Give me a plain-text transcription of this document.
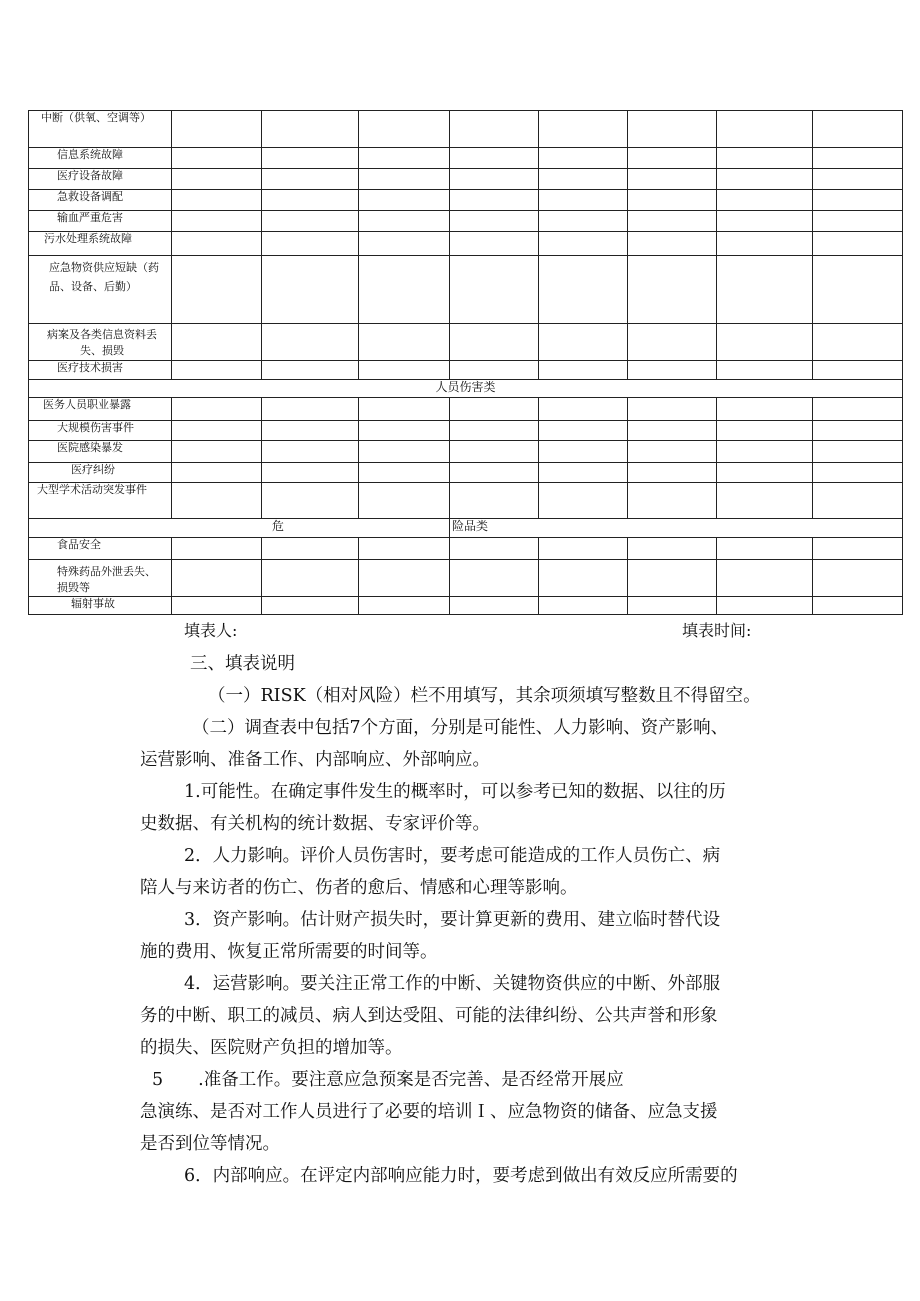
中断（供氧、空调等）								
信息系统故障								
医疗设备故障								
急救设备调配								
输血严重危害								
污水处理系统故障								
应急物资供应短缺（药品、设备、后勤）								
病案及各类信息资料丢失、损毁								
医疗技术损害								
人员伤害类								
医务人员职业暴露								
大规模伤害事件								
医院感染暴发								
医疗纠纷								
大型学术活动突发事件								
危				险品类				
食品安全								
特殊药品外泄丢失、损毁等								
辐射事故								
填表人:	填表时间:

三、填表说明

（一）RISK（相对风险）栏不用填写，其余项须填写整数且不得留空。

（二）调查表中包括7个方面，分别是可能性、人力影响、资产影响、

运营影响、准备工作、内部响应、外部响应。

1.可能性。在确定事件发生的概率时，可以参考已知的数据、以往的历

史数据、有关机构的统计数据、专家评价等。

2．人力影响。评价人员伤害时，要考虑可能造成的工作人员伤亡、病

陪人与来访者的伤亡、伤者的愈后、情感和心理等影响。

3．资产影响。估计财产损失时，要计算更新的费用、建立临时替代设

施的费用、恢复正常所需要的时间等。

4．运营影响。要关注正常工作的中断、关键物资供应的中断、外部服

务的中断、职工的减员、病人到达受阻、可能的法律纠纷、公共声誉和形象

的损失、医院财产负担的增加等。

5　　.准备工作。要注意应急预案是否完善、是否经常开展应

急演练、是否对工作人员进行了必要的培训Ｉ、应急物资的储备、应急支援

是否到位等情况。

6．内部响应。在评定内部响应能力时，要考虑到做出有效反应所需要的
